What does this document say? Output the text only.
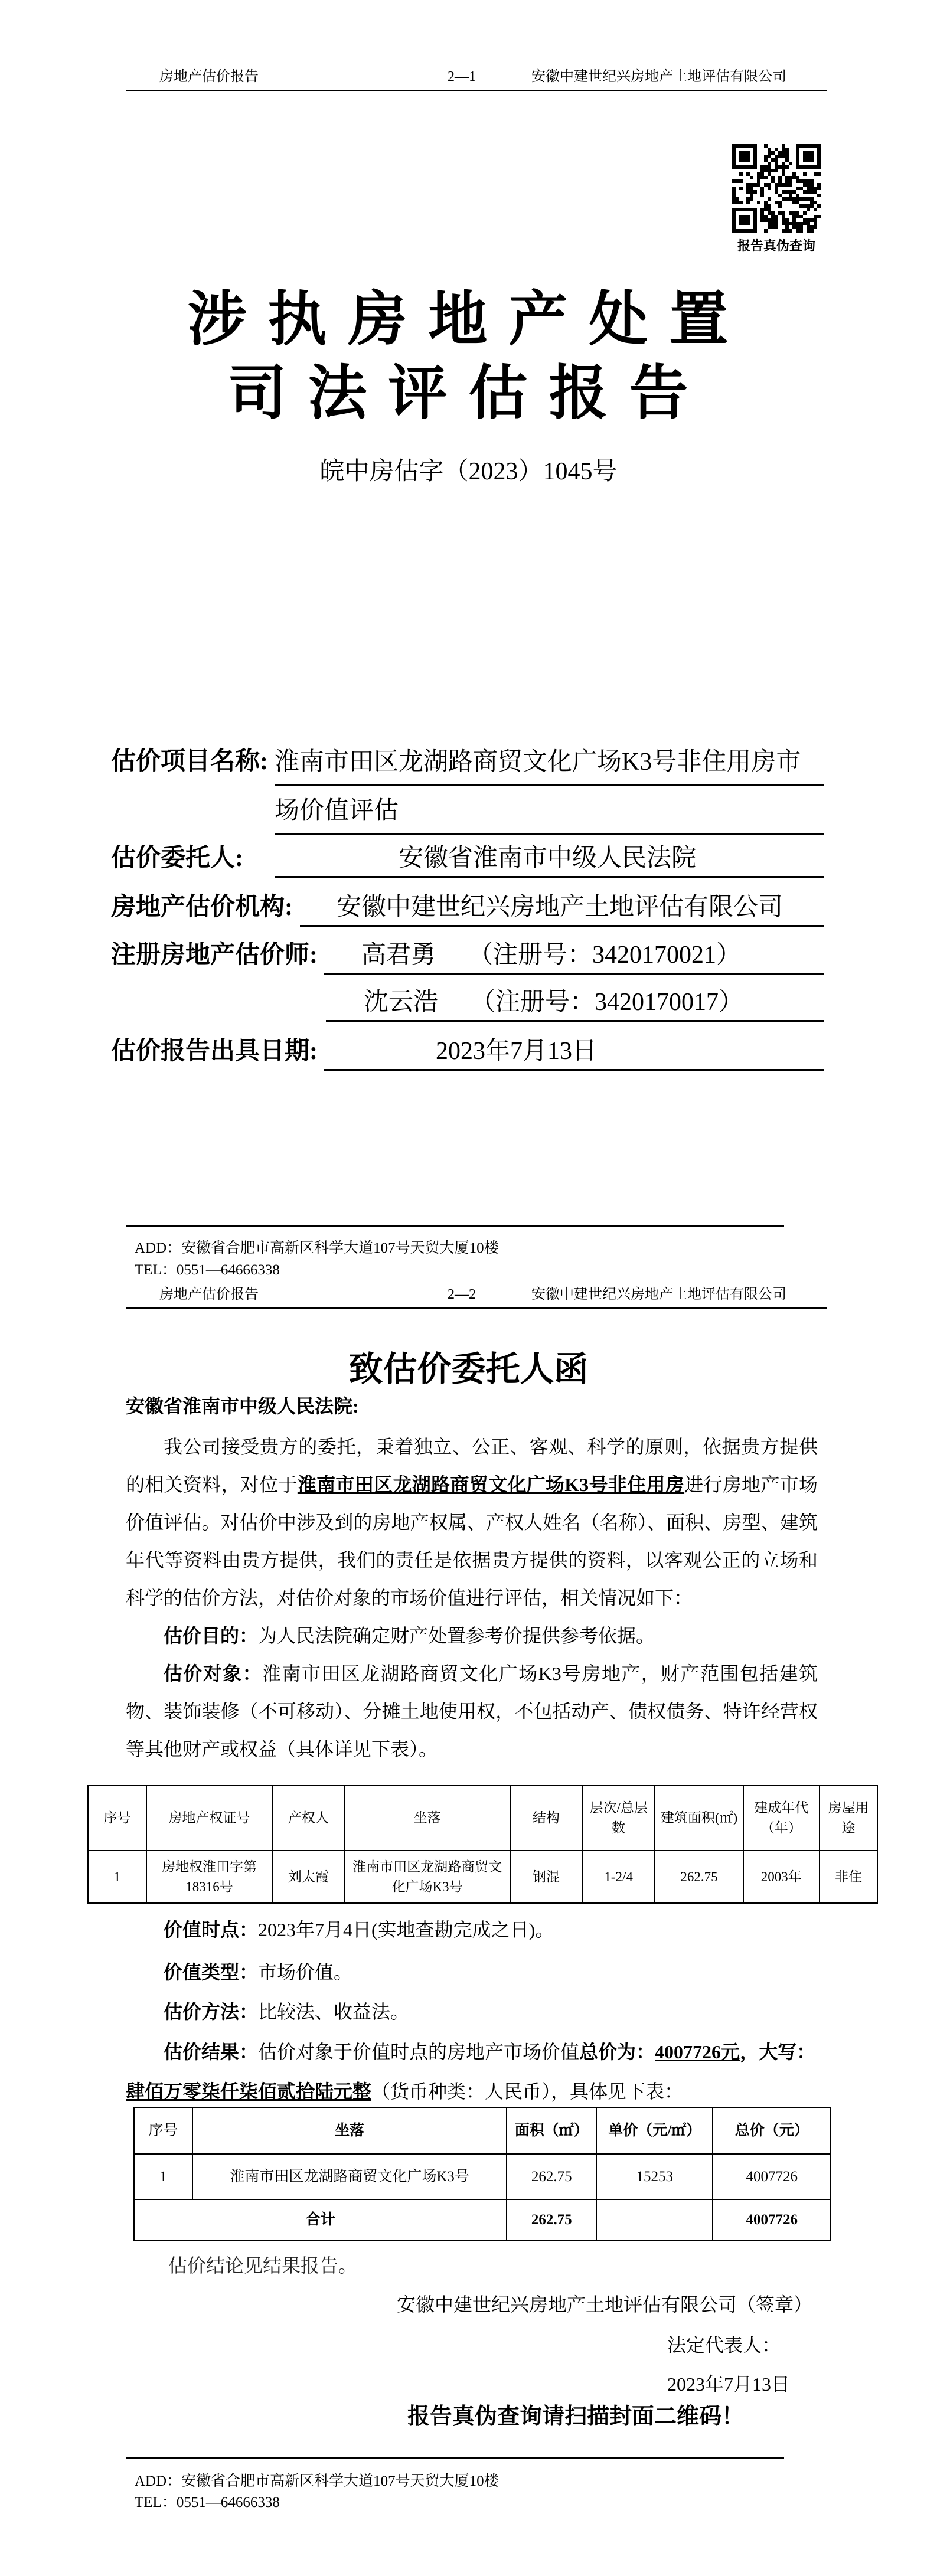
房地产估价报告	2—1	安徽中建世纪兴房地产土地评估有限公司
报告真伪查询
涉执房地产处置
司法评估报告
皖中房估字（2023）1045号
估价项目名称: 淮南市田区龙湖路商贸文化广场K3号非住用房市场价值评估
估价委托人:	安徽省淮南市中级人民法院
房地产估价机构:	安徽中建世纪兴房地产土地评估有限公司
注册房地产估价师:	高君勇 （注册号：3420170021）
沈云浩 （注册号：3420170017）
估价报告出具日期:	2023年7月13日
ADD：安徽省合肥市高新区科学大道107号天贸大厦10楼
TEL：0551—64666338
房地产估价报告	2—2	安徽中建世纪兴房地产土地评估有限公司
致估价委托人函
安徽省淮南市中级人民法院:

我公司接受贵方的委托，秉着独立、公正、客观、科学的原则，依据贵方提供的相关资料，对位于淮南市田区龙湖路商贸文化广场K3号非住用房进行房地产市场价值评估。对估价中涉及到的房地产权属、产权人姓名（名称）、面积、房型、建筑年代等资料由贵方提供，我们的责任是依据贵方提供的资料，以客观公正的立场和科学的估价方法，对估价对象的市场价值进行评估，相关情况如下：

估价目的：为人民法院确定财产处置参考价提供参考依据。

估价对象：淮南市田区龙湖路商贸文化广场K3号房地产，财产范围包括建筑物、装饰装修（不可移动）、分摊土地使用权，不包括动产、债权债务、特许经营权等其他财产或权益（具体详见下表）。

序号	房地产权证号	产权人	坐落	结构	层次/总层数	建筑面积(㎡)	建成年代（年）	房屋用途
1	房地权淮田字第18316号	刘太霞	淮南市田区龙湖路商贸文化广场K3号	钢混	1-2/4	262.75	2003年	非住
价值时点：2023年7月4日(实地查勘完成之日)。
价值类型：市场价值。
估价方法：比较法、收益法。
估价结果：估价对象于价值时点的房地产市场价值总价为：4007726元，大写：
肆佰万零柒仟柒佰贰拾陆元整（货币种类：人民币），具体见下表：
序号	坐落	面积（㎡）	单价（元/㎡）	总价（元）
1	淮南市田区龙湖路商贸文化广场K3号	262.75	15253	4007726
合计		262.75		4007726
估价结论见结果报告。
安徽中建世纪兴房地产土地评估有限公司（签章）
法定代表人：
2023年7月13日
报告真伪查询请扫描封面二维码！
ADD：安徽省合肥市高新区科学大道107号天贸大厦10楼
TEL：0551—64666338
